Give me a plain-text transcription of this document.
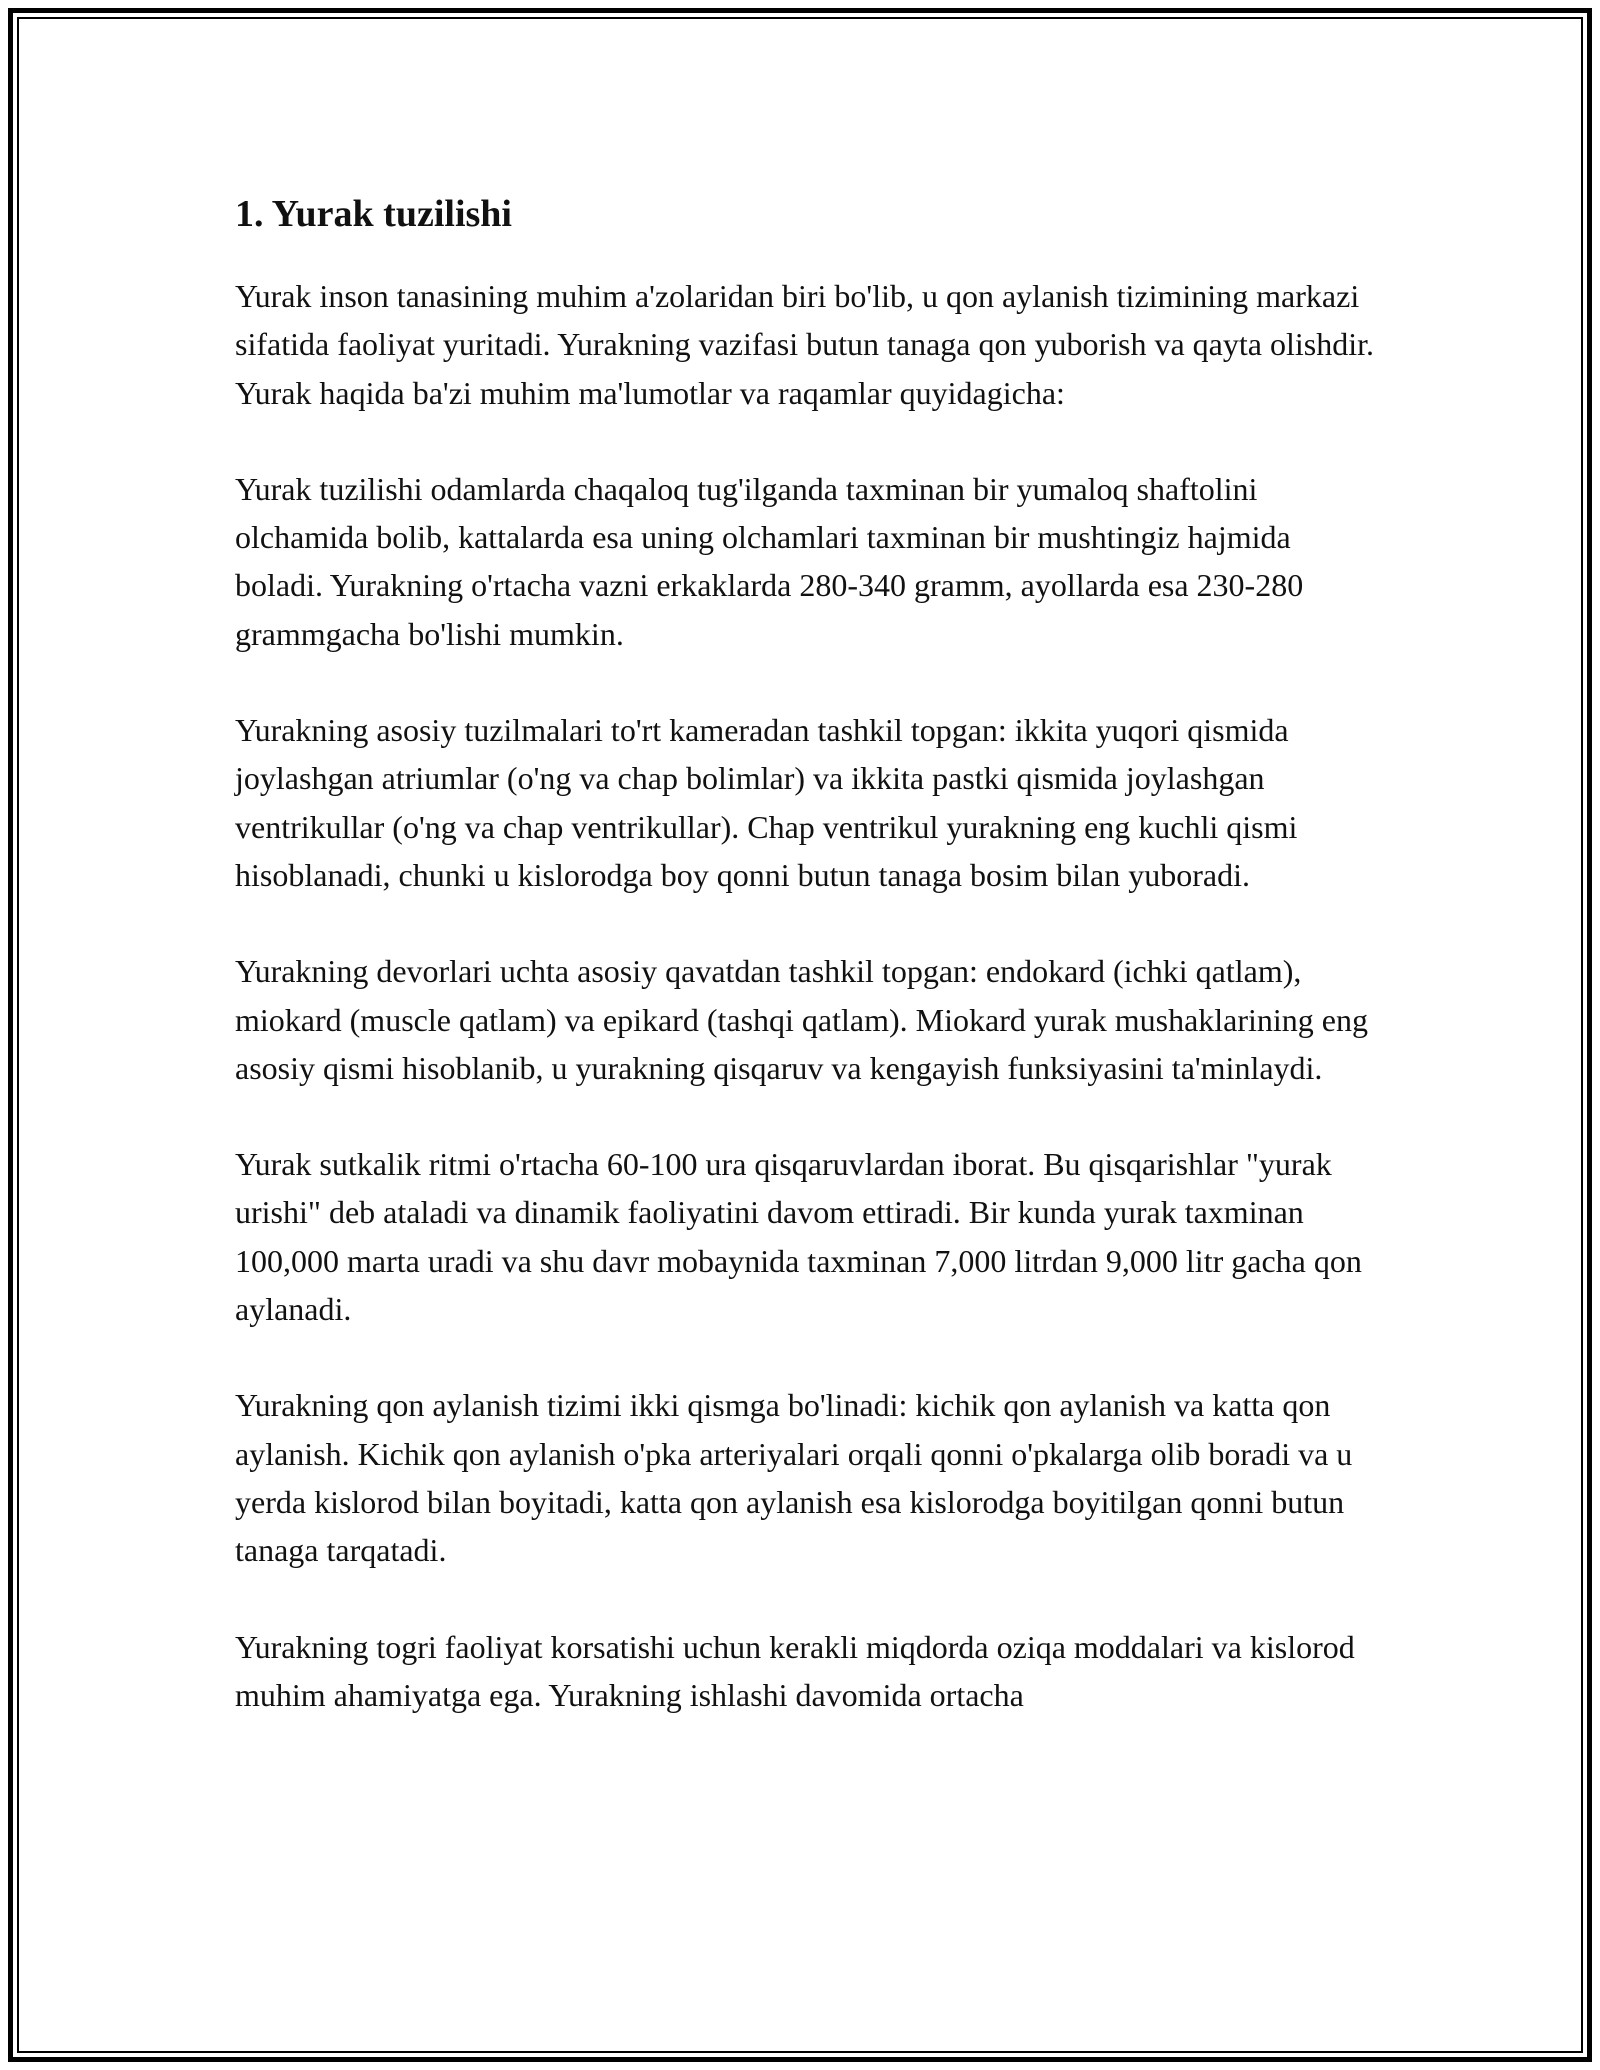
1. Yurak tuzilishi

Yurak inson tanasining muhim a'zolaridan biri bo'lib, u qon aylanish tizimining markazi sifatida faoliyat yuritadi. Yurakning vazifasi butun tanaga qon yuborish va qayta olishdir. Yurak haqida ba'zi muhim ma'lumotlar va raqamlar quyidagicha:

Yurak tuzilishi odamlarda chaqaloq tug'ilganda taxminan bir yumaloq shaftolini olchamida bolib, kattalarda esa uning olchamlari taxminan bir mushtingiz hajmida boladi. Yurakning o'rtacha vazni erkaklarda 280-340 gramm, ayollarda esa 230-280 grammgacha bo'lishi mumkin.

Yurakning asosiy tuzilmalari to'rt kameradan tashkil topgan: ikkita yuqori qismida joylashgan atriumlar (o'ng va chap bolimlar) va ikkita pastki qismida joylashgan ventrikullar (o'ng va chap ventrikullar). Chap ventrikul yurakning eng kuchli qismi hisoblanadi, chunki u kislorodga boy qonni butun tanaga bosim bilan yuboradi.

Yurakning devorlari uchta asosiy qavatdan tashkil topgan: endokard (ichki qatlam), miokard (muscle qatlam) va epikard (tashqi qatlam). Miokard yurak mushaklarining eng asosiy qismi hisoblanib, u yurakning qisqaruv va kengayish funksiyasini ta'minlaydi.

Yurak sutkalik ritmi o'rtacha 60-100 ura qisqaruvlardan iborat. Bu qisqarishlar "yurak urishi" deb ataladi va dinamik faoliyatini davom ettiradi. Bir kunda yurak taxminan 100,000 marta uradi va shu davr mobaynida taxminan 7,000 litrdan 9,000 litr gacha qon aylanadi.

Yurakning qon aylanish tizimi ikki qismga bo'linadi: kichik qon aylanish va katta qon aylanish. Kichik qon aylanish o'pka arteriyalari orqali qonni o'pkalarga olib boradi va u yerda kislorod bilan boyitadi, katta qon aylanish esa kislorodga boyitilgan qonni butun tanaga tarqatadi.

Yurakning togri faoliyat korsatishi uchun kerakli miqdorda oziqa moddalari va kislorod muhim ahamiyatga ega. Yurakning ishlashi davomida ortacha
